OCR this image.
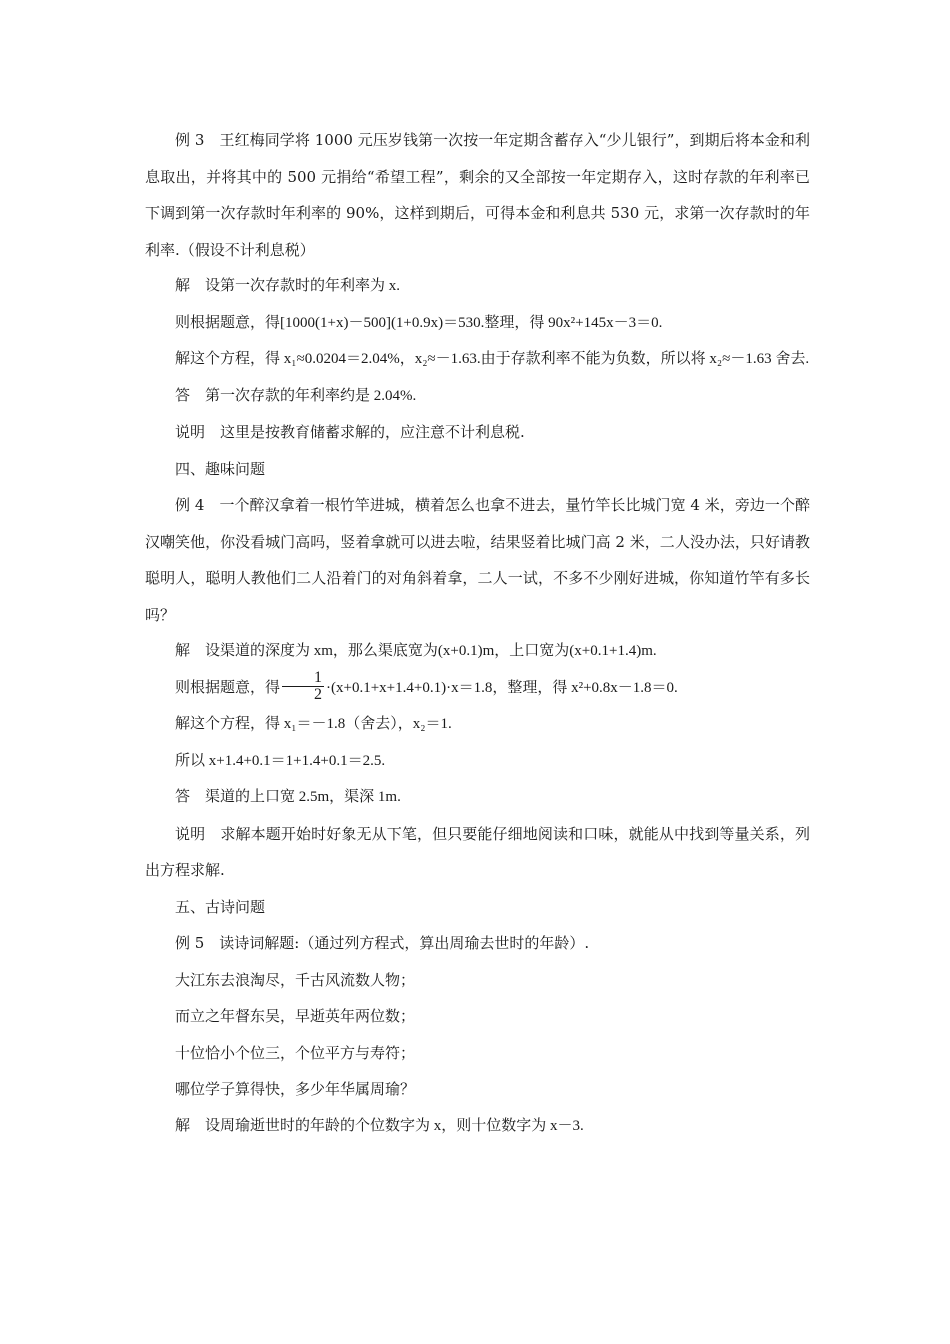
例 3　王红梅同学将 1000 元压岁钱第一次按一年定期含蓄存入“少儿银行”，到期后将本金和利息取出，并将其中的 500 元捐给“希望工程”，剩余的又全部按一年定期存入，这时存款的年利率已下调到第一次存款时年利率的 90%，这样到期后，可得本金和利息共 530 元，求第一次存款时的年利率.（假设不计利息税）

解　设第一次存款时的年利率为 x.

则根据题意，得[1000(1+x)－500](1+0.9x)＝530.整理，得 90x²+145x－3＝0.

解这个方程，得 x₁≈0.0204＝2.04%，x₂≈－1.63.由于存款利率不能为负数，所以将 x₂≈－1.63 舍去.

答　第一次存款的年利率约是 2.04%.

说明　这里是按教育储蓄求解的，应注意不计利息税.

四、趣味问题

例 4　一个醉汉拿着一根竹竿进城，横着怎么也拿不进去，量竹竿长比城门宽 4 米，旁边一个醉汉嘲笑他，你没看城门高吗，竖着拿就可以进去啦，结果竖着比城门高 2 米，二人没办法，只好请教聪明人，聪明人教他们二人沿着门的对角斜着拿，二人一试，不多不少刚好进城，你知道竹竿有多长吗？

解　设渠道的深度为 xm，那么渠底宽为(x+0.1)m，上口宽为(x+0.1+1.4)m.

则根据题意，得 $\frac{1}{2} \cdot(x+0.1+x+1.4+0.1)\cdot x=1.8$，整理，得 x²+0.8x－1.8＝0.

解这个方程，得 x₁＝－1.8（舍去），x₂＝1.

所以 x+1.4+0.1＝1+1.4+0.1＝2.5.

答　渠道的上口宽 2.5m，渠深 1m.

说明　求解本题开始时好象无从下笔，但只要能仔细地阅读和口味，就能从中找到等量关系，列出方程求解.

五、古诗问题

例 5　读诗词解题:（通过列方程式，算出周瑜去世时的年龄）.

大江东去浪淘尽，千古风流数人物；

而立之年督东吴，早逝英年两位数；

十位恰小个位三，个位平方与寿符；

哪位学子算得快，多少年华属周瑜？

解　设周瑜逝世时的年龄的个位数字为 x，则十位数字为 x－3.
